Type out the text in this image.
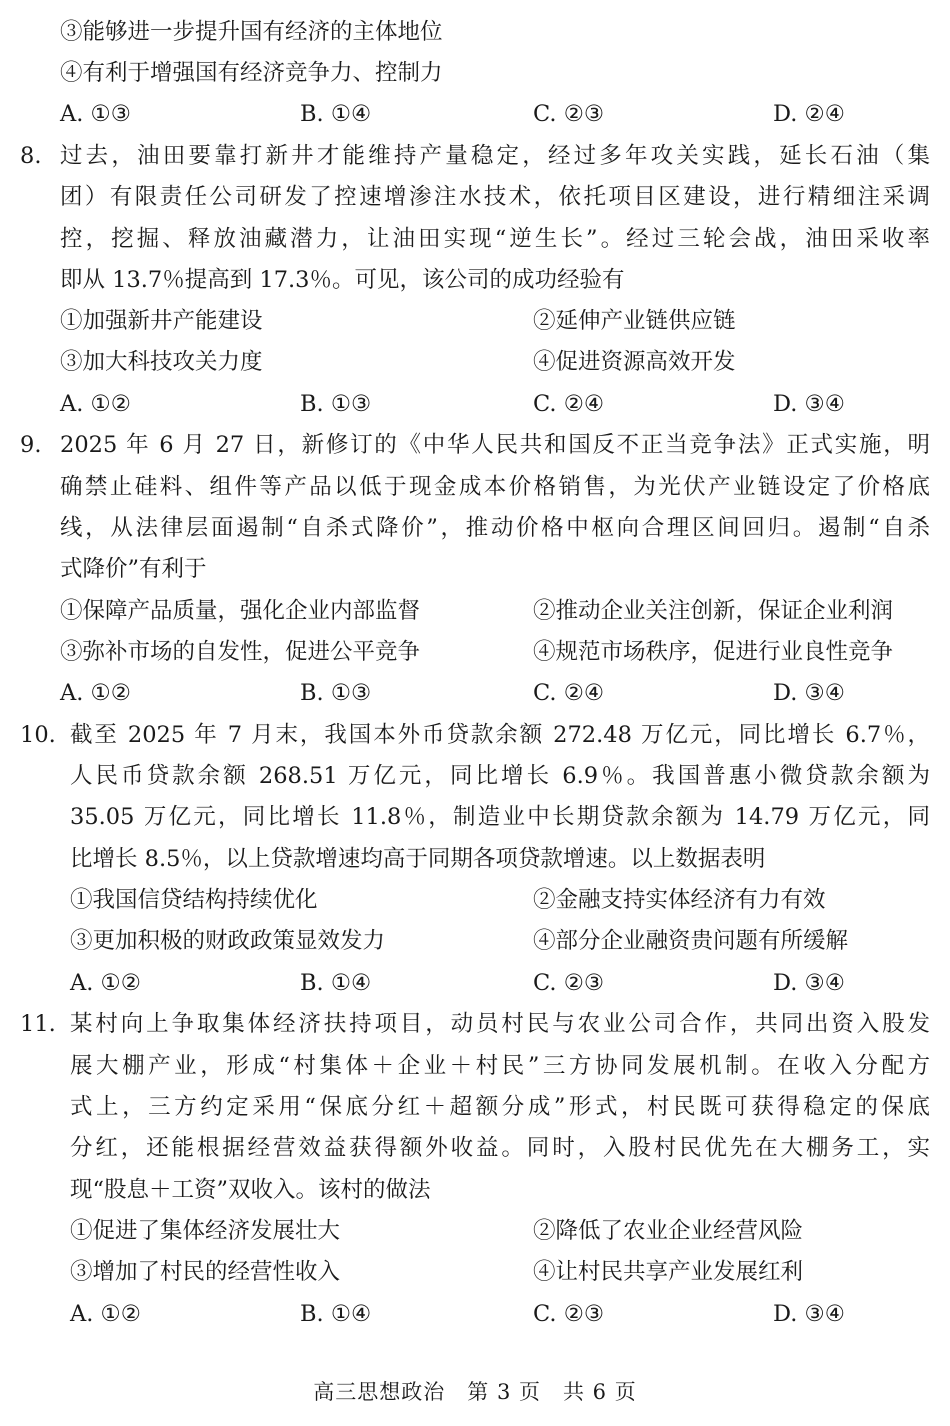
③能够进一步提升国有经济的主体地位
④有利于增强国有经济竞争力、控制力
A. ①③	B. ①④	C. ②③	D. ②④
8. 过去，油田要靠打新井才能维持产量稳定，经过多年攻关实践，延长石油（集
团）有限责任公司研发了控速增渗注水技术，依托项目区建设，进行精细注采调
控，挖掘、释放油藏潜力，让油田实现“逆生长”。经过三轮会战，油田采收率
即从 13.7％提高到 17.3％。可见，该公司的成功经验有
①加强新井产能建设	②延伸产业链供应链
③加大科技攻关力度	④促进资源高效开发
A. ①②	B. ①③	C. ②④	D. ③④
9. 2025 年 6 月 27 日，新修订的《中华人民共和国反不正当竞争法》正式实施，明
确禁止硅料、组件等产品以低于现金成本价格销售，为光伏产业链设定了价格底
线，从法律层面遏制“自杀式降价”，推动价格中枢向合理区间回归。遏制“自杀
式降价”有利于
①保障产品质量，强化企业内部监督	②推动企业关注创新，保证企业利润
③弥补市场的自发性，促进公平竞争	④规范市场秩序，促进行业良性竞争
A. ①②	B. ①③	C. ②④	D. ③④
10. 截至 2025 年 7 月末，我国本外币贷款余额 272.48 万亿元，同比增长 6.7％，
人民币贷款余额 268.51 万亿元，同比增长 6.9％。我国普惠小微贷款余额为
35.05 万亿元，同比增长 11.8％，制造业中长期贷款余额为 14.79 万亿元，同
比增长 8.5％，以上贷款增速均高于同期各项贷款增速。以上数据表明
①我国信贷结构持续优化	②金融支持实体经济有力有效
③更加积极的财政政策显效发力	④部分企业融资贵问题有所缓解
A. ①②	B. ①④	C. ②③	D. ③④
11. 某村向上争取集体经济扶持项目，动员村民与农业公司合作，共同出资入股发
展大棚产业，形成“村集体＋企业＋村民”三方协同发展机制。在收入分配方
式上，三方约定采用“保底分红＋超额分成”形式，村民既可获得稳定的保底
分红，还能根据经营效益获得额外收益。同时，入股村民优先在大棚务工，实
现“股息＋工资”双收入。该村的做法
①促进了集体经济发展壮大	②降低了农业企业经营风险
③增加了村民的经营性收入	④让村民共享产业发展红利
A. ①②	B. ①④	C. ②③	D. ③④
高三思想政治　第 3 页　共 6 页
